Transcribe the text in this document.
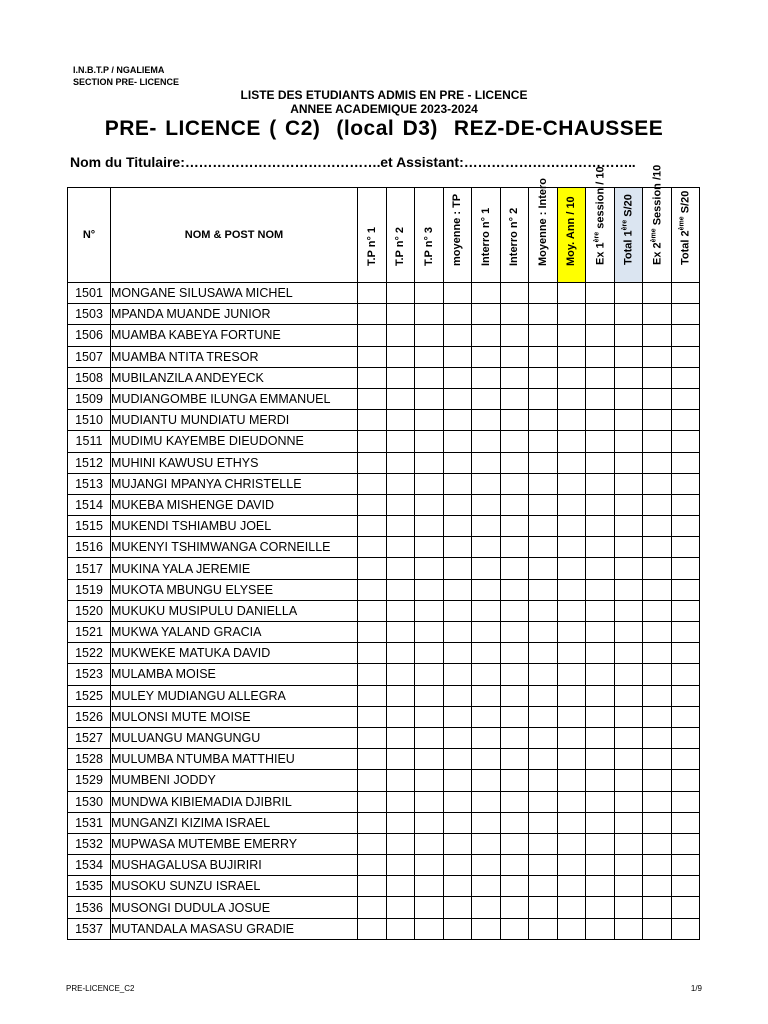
I.N.B.T.P / NGALIEMA
SECTION PRE- LICENCE
LISTE DES ETUDIANTS ADMIS EN PRE - LICENCE
ANNEE ACADEMIQUE 2023-2024
PRE- LICENCE ( C2) (local D3) REZ-DE-CHAUSSEE
Nom du Titulaire:…………………………………….et Assistant:………………………………..
N°	NOM & POST NOM	T.P n° 1	T.P n° 2	T.P n° 3	moyenne : TP	Interro n° 1	Interro n° 2	Moyenne : Intero	Moy. Ann / 10	Ex 1ère session / 10	Total 1ère S/20	Ex 2ème Session /10	Total 2ème S/20

1501	MONGANE SILUSAWA MICHEL												
1503	MPANDA MUANDE JUNIOR												
1506	MUAMBA KABEYA FORTUNE												
1507	MUAMBA NTITA TRESOR												
1508	MUBILANZILA ANDEYECK												
1509	MUDIANGOMBE ILUNGA EMMANUEL												
1510	MUDIANTU MUNDIATU MERDI												
1511	MUDIMU KAYEMBE DIEUDONNE												
1512	MUHINI KAWUSU ETHYS												
1513	MUJANGI MPANYA CHRISTELLE												
1514	MUKEBA MISHENGE DAVID												
1515	MUKENDI TSHIAMBU JOEL												
1516	MUKENYI TSHIMWANGA CORNEILLE												
1517	MUKINA YALA JEREMIE												
1519	MUKOTA MBUNGU ELYSEE												
1520	MUKUKU MUSIPULU DANIELLA												
1521	MUKWA YALAND GRACIA												
1522	MUKWEKE MATUKA DAVID												
1523	MULAMBA MOISE												
1525	MULEY MUDIANGU ALLEGRA												
1526	MULONSI MUTE MOISE												
1527	MULUANGU MANGUNGU												
1528	MULUMBA NTUMBA MATTHIEU												
1529	MUMBENI JODDY												
1530	MUNDWA KIBIEMADIA DJIBRIL												
1531	MUNGANZI KIZIMA ISRAEL												
1532	MUPWASA MUTEMBE EMERRY												
1534	MUSHAGALUSA BUJIRIRI												
1535	MUSOKU SUNZU ISRAEL												
1536	MUSONGI DUDULA JOSUE												
1537	MUTANDALA MASASU GRADIE												
PRE-LICENCE_C2	1/9
